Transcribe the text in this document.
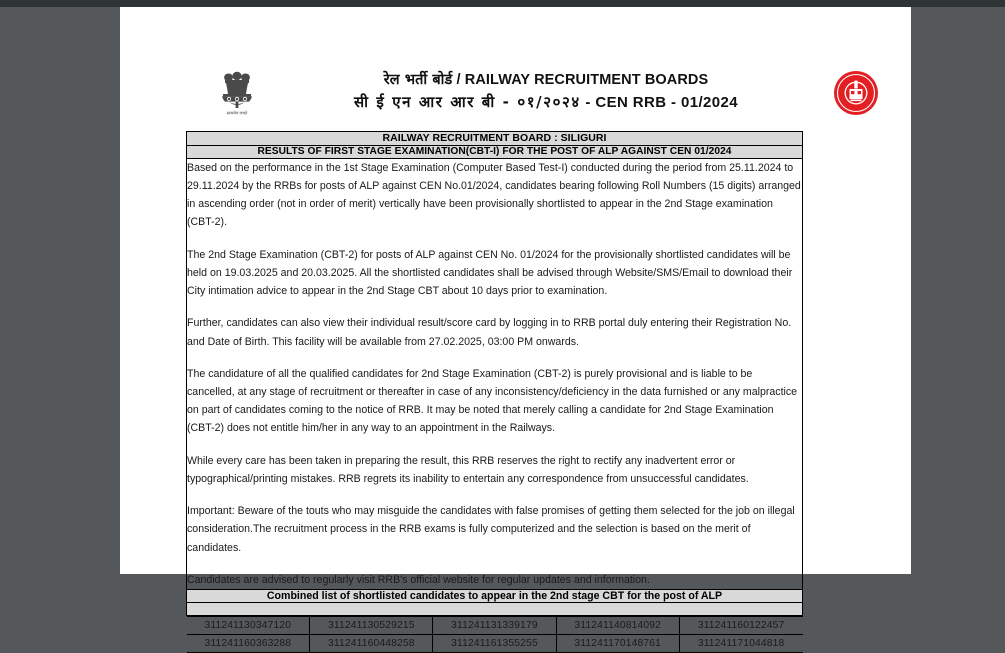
सत्यमेव जयते
रेल भर्ती बोर्ड / RAILWAY RECRUITMENT BOARDS
सी ई एन आर आर बी - ०१/२०२४ - CEN RRB - 01/2024
RAILWAY RECRUITMENT BOARD : SILIGURI
RESULTS OF FIRST STAGE EXAMINATION(CBT-I) FOR THE POST OF ALP AGAINST CEN 01/2024

Based on the performance in the 1st Stage Examination (Computer Based Test-I) conducted during the period from 25.11.2024 to 29.11.2024 by the RRBs for posts of ALP against CEN No.01/2024, candidates bearing following Roll Numbers (15 digits) arranged in ascending order (not in order of merit) vertically have been provisionally shortlisted to appear in the 2nd Stage examination (CBT-2).

The 2nd Stage Examination (CBT-2) for posts of ALP against CEN No. 01/2024 for the provisionally shortlisted candidates will be held on 19.03.2025 and 20.03.2025. All the shortlisted candidates shall be advised through Website/SMS/Email to download their City intimation advice to appear in the 2nd Stage CBT about 10 days prior to examination.

Further, candidates can also view their individual result/score card by logging in to RRB portal duly entering their Registration No. and Date of Birth. This facility will be available from 27.02.2025, 03:00 PM onwards.

The candidature of all the qualified candidates for 2nd Stage Examination (CBT-2) is purely provisional and is liable to be cancelled, at any stage of recruitment or thereafter in case of any inconsistency/deficiency in the data furnished or any malpractice on part of candidates coming to the notice of RRB. It may be noted that merely calling a candidate for 2nd Stage Examination (CBT-2) does not entitle him/her in any way to an appointment in the Railways.

While every care has been taken in preparing the result, this RRB reserves the right to rectify any inadvertent error or typographical/printing mistakes. RRB regrets its inability to entertain any correspondence from unsuccessful candidates.

Important: Beware of the touts who may misguide the candidates with false promises of getting them selected for the job on illegal consideration.The recruitment process in the RRB exams is fully computerized and the selection is based on the merit of candidates.

Candidates are advised to regularly visit RRB's official website for regular updates and information.

Combined list of shortlisted candidates to appear in the 2nd stage CBT for the post of ALP

311241130347120	311241130529215	311241131339179	311241140814092	311241160122457
311241160363288	311241160448258	311241161355255	311241170148761	311241171044818
